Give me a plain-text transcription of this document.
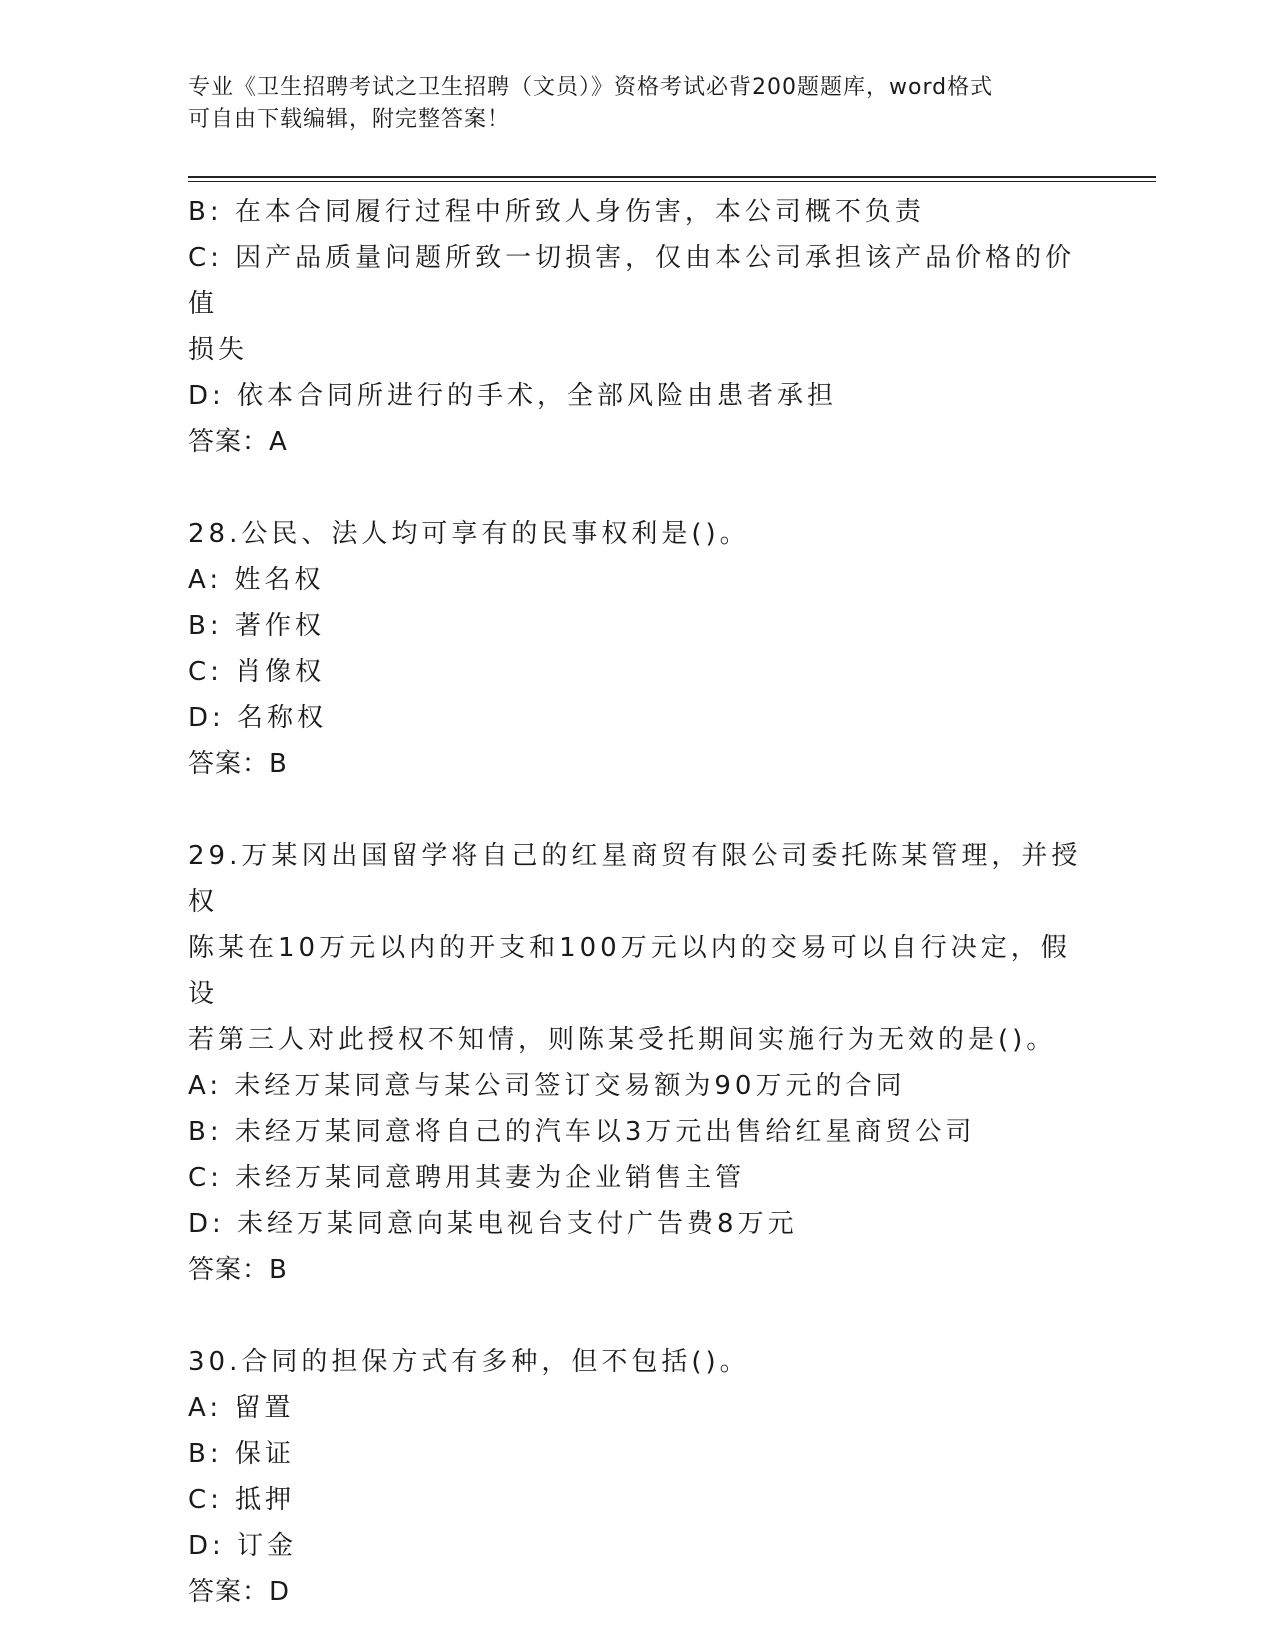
专业《卫生招聘考试之卫生招聘（文员）》资格考试必背200题题库，word格式
可自由下载编辑，附完整答案！

B: 在本合同履行过程中所致人身伤害，本公司概不负责

C: 因产品质量问题所致一切损害，仅由本公司承担该产品价格的价值

损失

D: 依本合同所进行的手术，全部风险由患者承担

答案：A

28.公民、法人均可享有的民事权利是()。

A: 姓名权

B: 著作权

C: 肖像权

D: 名称权

答案：B

29.万某冈出国留学将自己的红星商贸有限公司委托陈某管理，并授权

陈某在10万元以内的开支和100万元以内的交易可以自行决定，假设

若第三人对此授权不知情，则陈某受托期间实施行为无效的是()。

A: 未经万某同意与某公司签订交易额为90万元的合同

B: 未经万某同意将自己的汽车以3万元出售给红星商贸公司

C: 未经万某同意聘用其妻为企业销售主管

D: 未经万某同意向某电视台支付广告费8万元

答案：B

30.合同的担保方式有多种，但不包括()。

A: 留置

B: 保证

C: 抵押

D: 订金

答案：D
